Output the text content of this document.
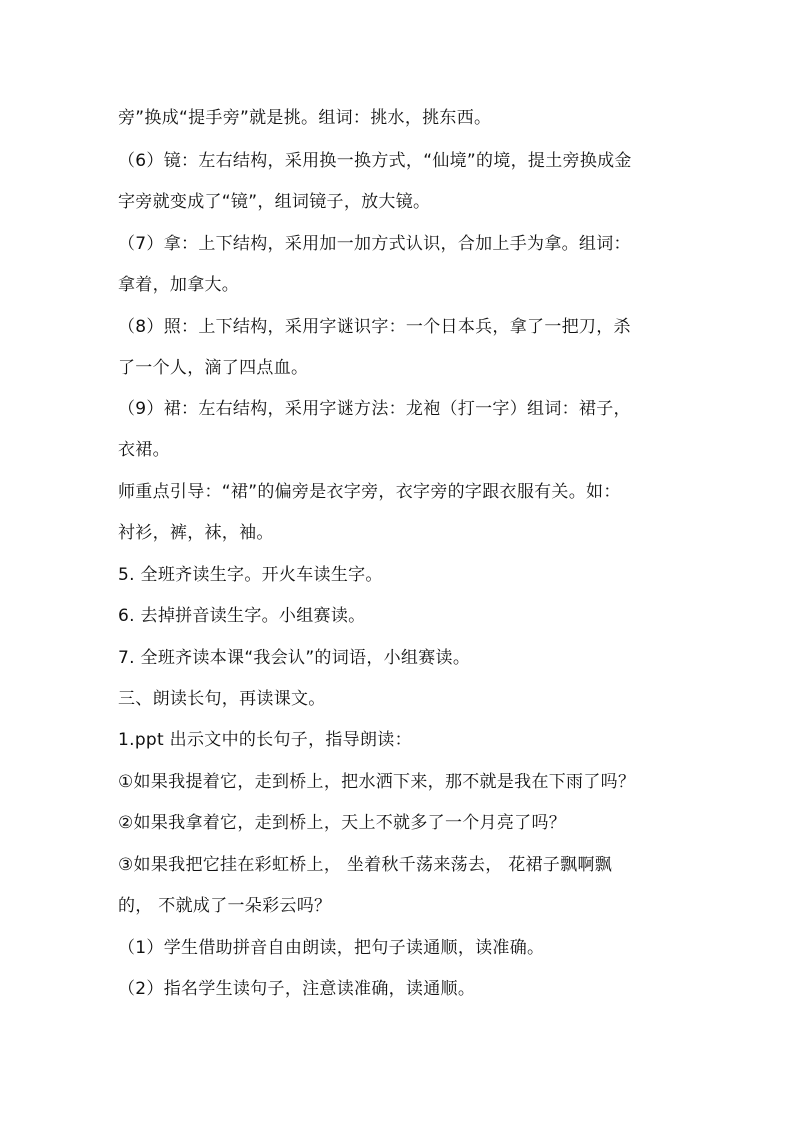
旁”换成“提手旁”就是挑。组词：挑水，挑东西。
（6）镜：左右结构，采用换一换方式，“仙境”的境，提土旁换成金
字旁就变成了“镜”，组词镜子，放大镜。
（7）拿：上下结构，采用加一加方式认识，合加上手为拿。组词：
拿着，加拿大。
（8）照：上下结构，采用字谜识字：一个日本兵，拿了一把刀，杀
了一个人，滴了四点血。
（9）裙：左右结构，采用字谜方法：龙袍（打一字）组词：裙子，
衣裙。
师重点引导：“裙”的偏旁是衣字旁，衣字旁的字跟衣服有关。如：
衬衫，裤，袜，袖。
5. 全班齐读生字。开火车读生字。
6. 去掉拼音读生字。小组赛读。
7. 全班齐读本课“我会认”的词语，小组赛读。
三、朗读长句，再读课文。
1.ppt 出示文中的长句子，指导朗读：
①如果我提着它，走到桥上，把水洒下来，那不就是我在下雨了吗？
②如果我拿着它，走到桥上，天上不就多了一个月亮了吗？
③如果我把它挂在彩虹桥上， 坐着秋千荡来荡去， 花裙子飘啊飘
的， 不就成了一朵彩云吗？
（1）学生借助拼音自由朗读，把句子读通顺，读准确。
（2）指名学生读句子，注意读准确，读通顺。
